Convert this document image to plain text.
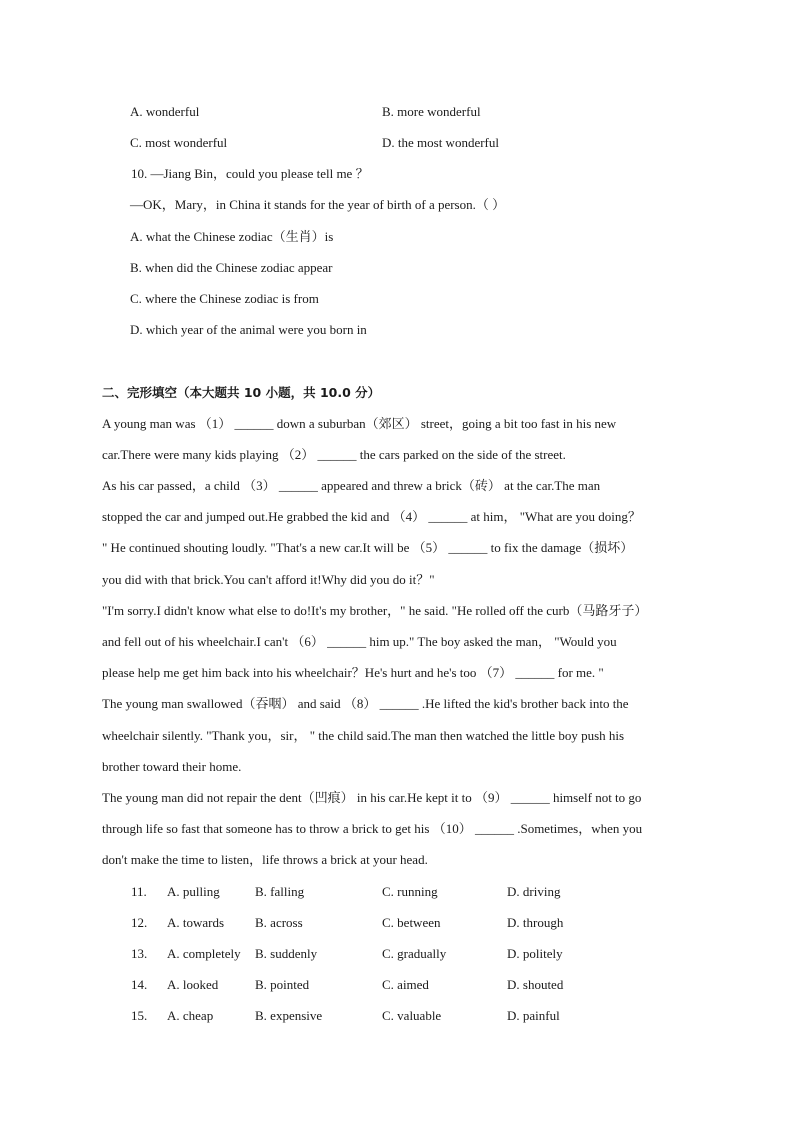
A. wonderful	B. more wonderful
C. most wonderful	D. the most wonderful
10. —Jiang Bin，could you please tell me ？
—OK，Mary，in China it stands for the year of birth of a person.（ ）
A. what the Chinese zodiac（生肖）is
B. when did the Chinese zodiac appear
C. where the Chinese zodiac is from
D. which year of the animal were you born in
二、完形填空（本大题共 10 小题，共 10.0 分）
A young man was （1） ______ down a suburban（郊区） street，going a bit too fast in his new
car.There were many kids playing （2） ______ the cars parked on the side of the street.
As his car passed，a child （3） ______ appeared and threw a brick（砖） at the car.The man
stopped the car and jumped out.He grabbed the kid and （4） ______ at him， "What are you doing？
" He continued shouting loudly. "That's a new car.It will be （5） ______ to fix the damage（损坏）
you did with that brick.You can't afford it!Why did you do it？"
"I'm sorry.I didn't know what else to do!It's my brother，" he said. "He rolled off the curb（马路牙子）
and fell out of his wheelchair.I can't （6） ______ him up." The boy asked the man， "Would you
please help me get him back into his wheelchair？He's hurt and he's too （7） ______ for me. "
The young man swallowed（吞咽） and said （8） ______ .He lifted the kid's brother back into the
wheelchair silently. "Thank you，sir， " the child said.The man then watched the little boy push his
brother toward their home.
The young man did not repair the dent（凹痕） in his car.He kept it to （9） ______ himself not to go
through life so fast that someone has to throw a brick to get his （10） ______ .Sometimes，when you
don't make the time to listen，life throws a brick at your head.
11. A. pulling	B. falling	C. running	D. driving
12. A. towards B. across	C. between	D. through
13. A. completely B. suddenly	C. gradually	D. politely
14. A. looked	B. pointed	C. aimed	D. shouted
15. A. cheap	B. expensive	C. valuable	D. painful
